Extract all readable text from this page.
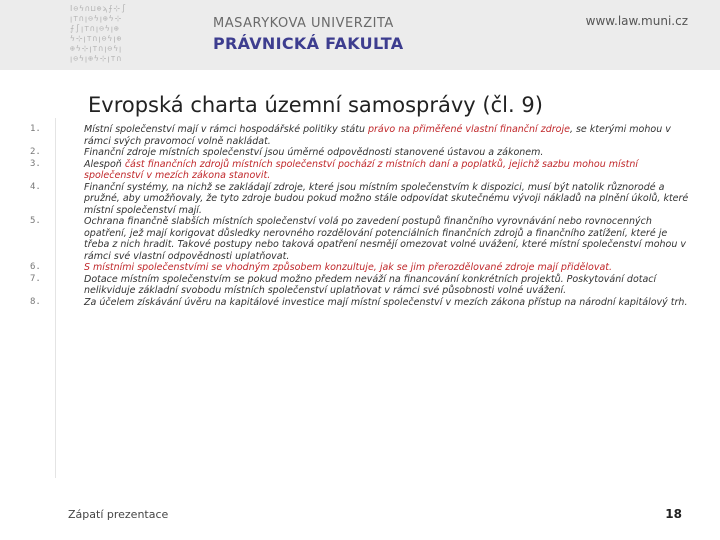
ⵏ⊖ϟ∩⊔⊕ϡ⨍⊹∫
ꞁ⊤∩ꞁ⊖ϟꞁ⊕ϟ⊹
⨍∫ꞁ⊤∩ꞁ⊖ϟꞁ⊕
ϟ⊹ꞁ⊤∩ꞁ⊖ϟꞁ⊕
⊕ϟ⊹ꞁ⊤∩ꞁ⊖ϟꞁ
ꞁ⊖ϟꞁ⊕ϟ⊹ꞁ⊤∩
MASARYKOVA UNIVERZITA
PRÁVNICKÁ FAKULTA
www.law.muni.cz
Evropská charta územní samosprávy (čl. 9)
1.
2.
3.
4.
5.
6.
7.
8.

Místní společenství mají v rámci hospodářské politiky státu právo na přiměřené vlastní finanční zdroje, se kterými mohou v rámci svých pravomocí volně nakládat.

Finanční zdroje místních společenství jsou úměrné odpovědnosti stanovené ústavou a zákonem.

Alespoň část finančních zdrojů místních společenství pochází z místních daní a poplatků, jejichž sazbu mohou místní společenství v mezích zákona stanovit.

Finanční systémy, na nichž se zakládají zdroje, které jsou místním společenstvím k dispozici, musí být natolik různorodé a pružné, aby umožňovaly, že tyto zdroje budou pokud možno stále odpovídat skutečnému vývoji nákladů na plnění úkolů, které místní společenství mají.

Ochrana finančně slabších místních společenství volá po zavedení postupů finančního vyrovnávání nebo rovnocenných opatření, jež mají korigovat důsledky nerovného rozdělování potenciálních finančních zdrojů a finančního zatížení, které je třeba z nich hradit. Takové postupy nebo taková opatření nesmějí omezovat volné uvážení, které místní společenství mohou v rámci své vlastní odpovědnosti uplatňovat.

S místními společenstvími se vhodným způsobem konzultuje, jak se jim přerozdělované zdroje mají přidělovat.

Dotace místním společenstvím se pokud možno předem neváží na financování konkrétních projektů. Poskytování dotací nelikviduje základní svobodu místních společenství uplatňovat v rámci své působnosti volné uvážení.

Za účelem získávání úvěru na kapitálové investice mají místní společenství v mezích zákona přístup na národní kapitálový trh.

Zápatí prezentace	18
